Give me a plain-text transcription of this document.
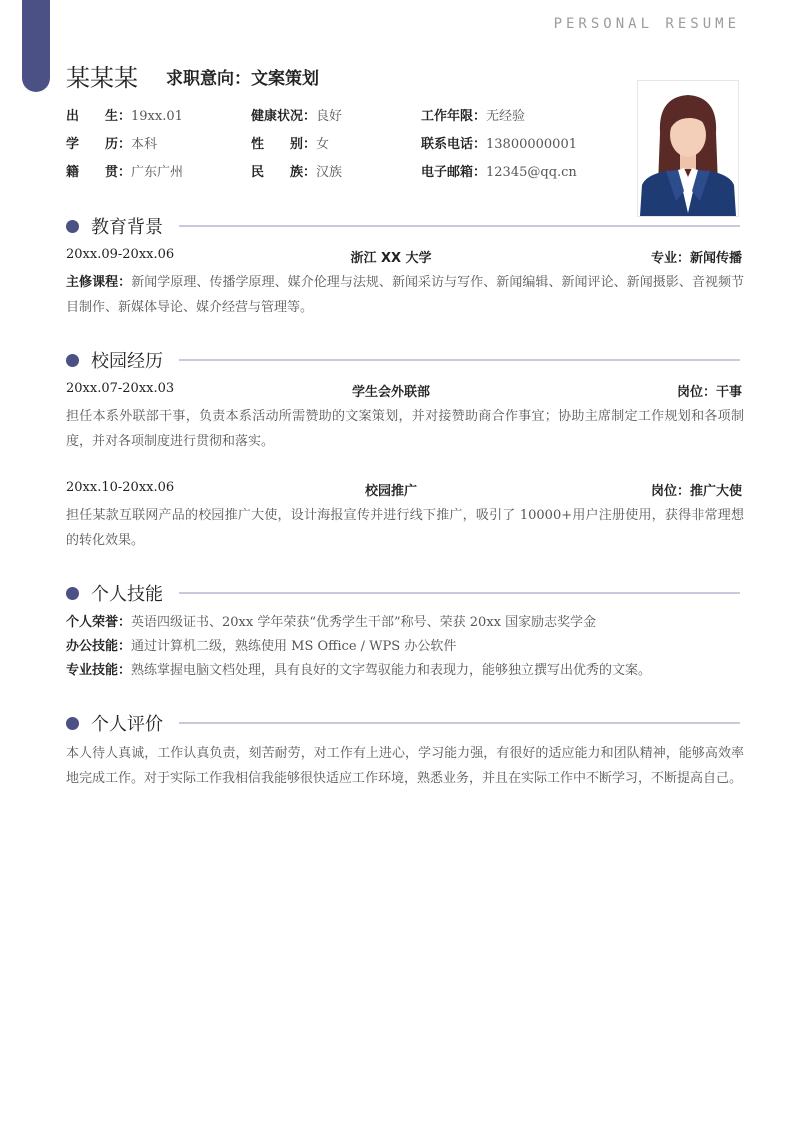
PERSONAL RESUME
某某某 求职意向：文案策划
出　　生： 19xx.01	健康状况： 良好	工作年限： 无经验
学　　历： 本科	性　　别： 女	联系电话： 13800000001
籍　　贯： 广东广州	民　　族： 汉族	电子邮箱： 12345@qq.cn
教育背景
20xx.09-20xx.06	浙江 XX 大学	专业：新闻传播
主修课程：新闻学原理、传播学原理、媒介伦理与法规、新闻采访与写作、新闻编辑、新闻评论、新闻摄影、音视频节目制作、新媒体导论、媒介经营与管理等。
校园经历
20xx.07-20xx.03	学生会外联部	岗位：干事
担任本系外联部干事，负责本系活动所需赞助的文案策划，并对接赞助商合作事宜；协助主席制定工作规划和各项制度，并对各项制度进行贯彻和落实。
20xx.10-20xx.06	校园推广	岗位：推广大使
担任某款互联网产品的校园推广大使，设计海报宣传并进行线下推广，吸引了 10000+用户注册使用，获得非常理想的转化效果。
个人技能
个人荣誉：英语四级证书、20xx 学年荣获“优秀学生干部”称号、荣获 20xx 国家励志奖学金
办公技能：通过计算机二级，熟练使用 MS Office / WPS 办公软件
专业技能：熟练掌握电脑文档处理，具有良好的文字驾驭能力和表现力，能够独立撰写出优秀的文案。
个人评价
本人待人真诚，工作认真负责，刻苦耐劳，对工作有上进心，学习能力强，有很好的适应能力和团队精神，能够高效率地完成工作。对于实际工作我相信我能够很快适应工作环境，熟悉业务，并且在实际工作中不断学习，不断提高自己。
